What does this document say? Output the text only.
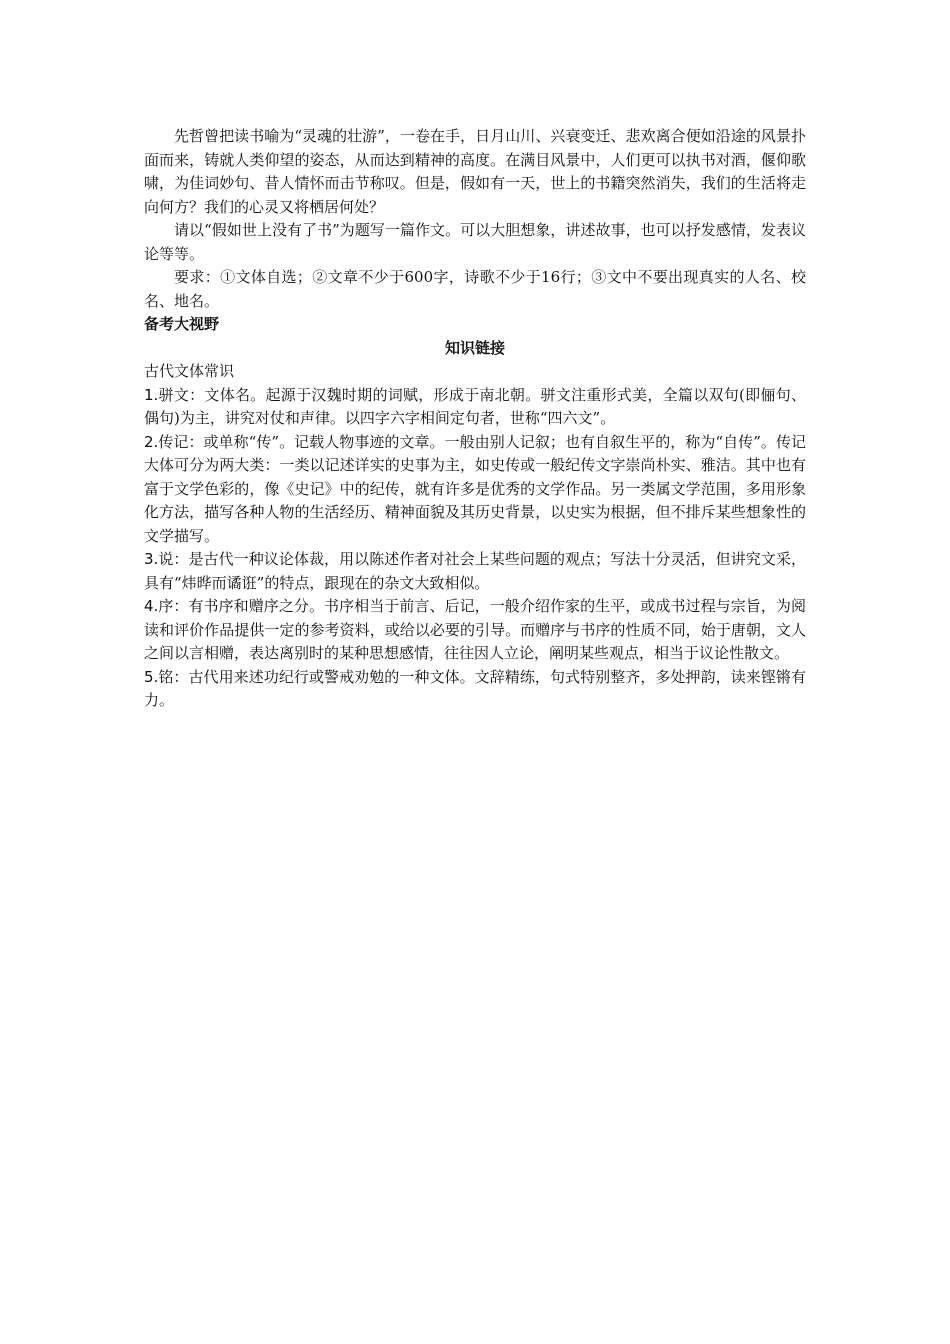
先哲曾把读书喻为“灵魂的壮游”，一卷在手，日月山川、兴衰变迁、悲欢离合便如沿途的风景扑面而来，铸就人类仰望的姿态，从而达到精神的高度。在满目风景中，人们更可以执书对酒，偃仰歌啸，为佳词妙句、昔人情怀而击节称叹。但是，假如有一天，世上的书籍突然消失，我们的生活将走向何方？我们的心灵又将栖居何处？

请以“假如世上没有了书”为题写一篇作文。可以大胆想象，讲述故事，也可以抒发感情，发表议论等等。

要求：①文体自选；②文章不少于600字，诗歌不少于16行；③文中不要出现真实的人名、校名、地名。

备考大视野

知识链接

古代文体常识

1.骈文：文体名。起源于汉魏时期的词赋，形成于南北朝。骈文注重形式美，全篇以双句(即俪句、偶句)为主，讲究对仗和声律。以四字六字相间定句者，世称“四六文”。

2.传记：或单称“传”。记载人物事迹的文章。一般由别人记叙；也有自叙生平的，称为“自传”。传记大体可分为两大类：一类以记述详实的史事为主，如史传或一般纪传文字崇尚朴实、雅洁。其中也有富于文学色彩的，像《史记》中的纪传，就有许多是优秀的文学作品。另一类属文学范围，多用形象化方法，描写各种人物的生活经历、精神面貌及其历史背景，以史实为根据，但不排斥某些想象性的文学描写。

3.说：是古代一种议论体裁，用以陈述作者对社会上某些问题的观点；写法十分灵活，但讲究文采，具有“炜晔而谲诳”的特点，跟现在的杂文大致相似。

4.序：有书序和赠序之分。书序相当于前言、后记，一般介绍作家的生平，或成书过程与宗旨，为阅读和评价作品提供一定的参考资料，或给以必要的引导。而赠序与书序的性质不同，始于唐朝，文人之间以言相赠，表达离别时的某种思想感情，往往因人立论，阐明某些观点，相当于议论性散文。

5.铭：古代用来述功纪行或警戒劝勉的一种文体。文辞精练，句式特别整齐，多处押韵，读来铿锵有力。
